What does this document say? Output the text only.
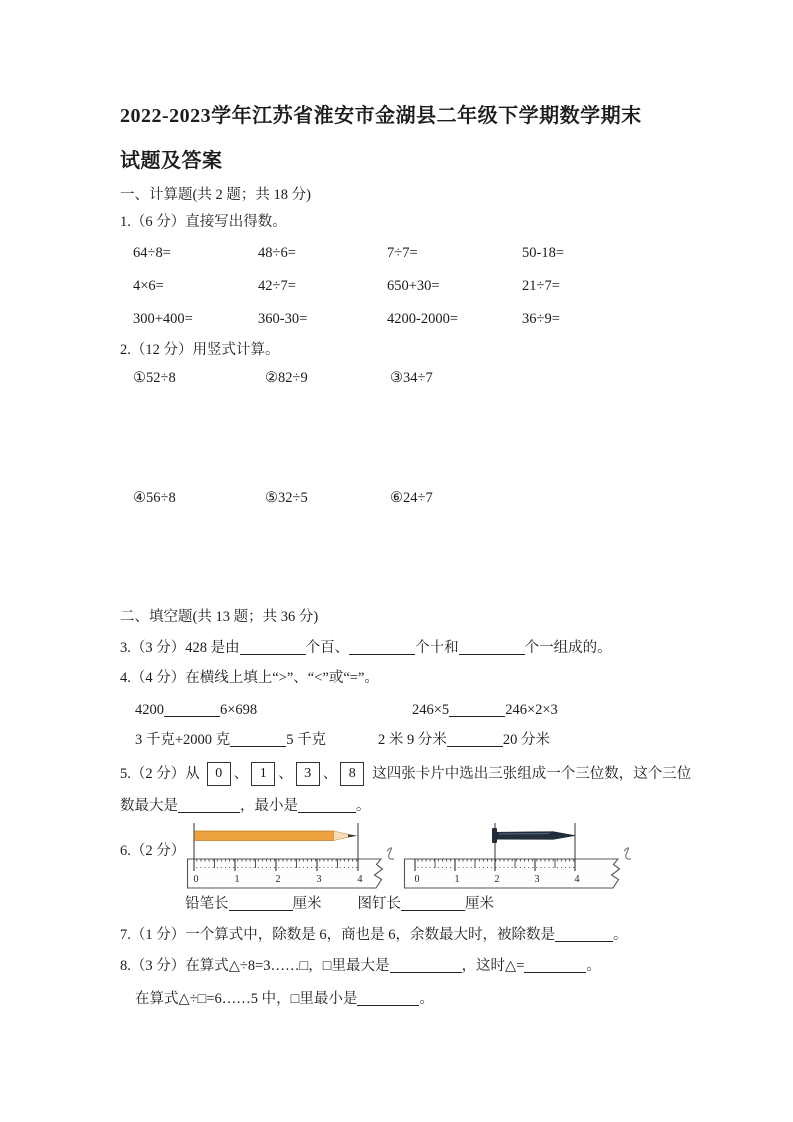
2022-2023学年江苏省淮安市金湖县二年级下学期数学期末
试题及答案
一、计算题(共 2 题；共 18 分)
1.（6 分）直接写出得数。
64÷8=	48÷6=	7÷7=	50-18=
4×6=	42÷7=	650+30=	21÷7=
300+400=	360-30=	4200-2000=	36÷9=
2.（12 分）用竖式计算。
①52÷8	②82÷9	③34÷7
④56÷8	⑤32÷5	⑥24÷7
二、填空题(共 13 题；共 36 分)
3.（3 分）428 是由	个百、	个十和	个一组成的。
4.（4 分）在横线上填上“>”、“<”或“=”。
4200	6×698	246×5	246×2×3
3 千克+2000 克	5 千克	2 米 9 分米	20 分米
5.（2 分）从	0 、 1 、 3 、 8	这四张卡片中选出三张组成一个三位数，这个三位
数最大是	，最小是	。
6.（2 分）
0	1	2	3	4	0	1	2	3	4
铅笔长	厘米 图钉长	厘米
7.（1 分）一个算式中，除数是 6，商也是 6，余数最大时，被除数是	。
8.（3 分）在算式△÷8=3……□，□里最大是	，这时△=	。
在算式△÷□=6……5 中，□里最小是	。
